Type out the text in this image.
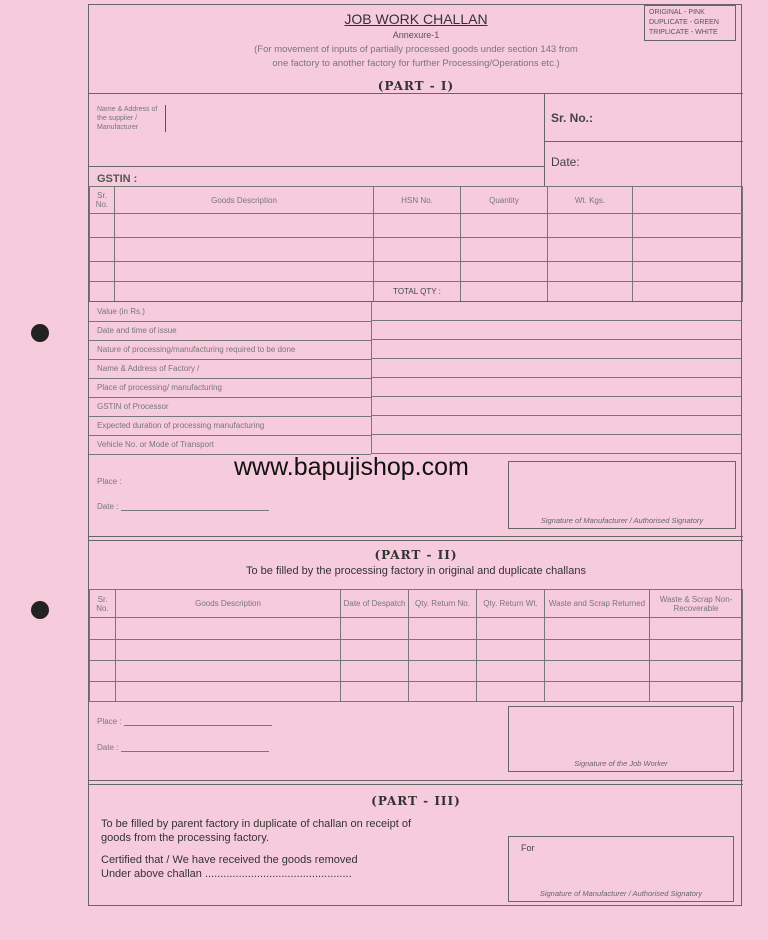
JOB WORK CHALLAN
Annexure-1
(For movement of inputs of partially processed goods under section 143 from
one factory to another factory for further Processing/Operations etc.)
ORIGINAL - PINK
DUPLICATE - GREEN
TRIPLICATE - WHITE
(PART - I)
Name & Address of the supplier / Manufacturer
Sr. No.:
Date:
GSTIN :
Sr. No.	Goods Description	HSN No.	Quantity	Wt. Kgs.	

		TOTAL QTY :			
Value (in Rs.)
Date and time of issue
Nature of processing/manufacturing required to be done
Name & Address of Factory /
Place of processing/ manufacturing
GSTIN of Processor
Expected duration of processing manufacturing
Vehicle No. or Mode of Transport
Place :
Date :
Signature of Manufacturer / Authorised Signatory
www.bapujishop.com
(PART - II)
To be filled by the processing factory in original and duplicate challans
Sr. No.	Goods Description	Date of Despatch	Qty. Return No.	Qty. Return Wt.	Waste and Scrap Returned	Waste & Scrap Non-Recoverable

Place :
Date :
Signature of the Job Worker
(PART - III)
To be filled by parent factory in duplicate of challan on receipt of
goods from the processing factory.
Certified that / We have received the goods removed
Under above challan ................................................
For
Signature of Manufacturer / Authorised Signatory
